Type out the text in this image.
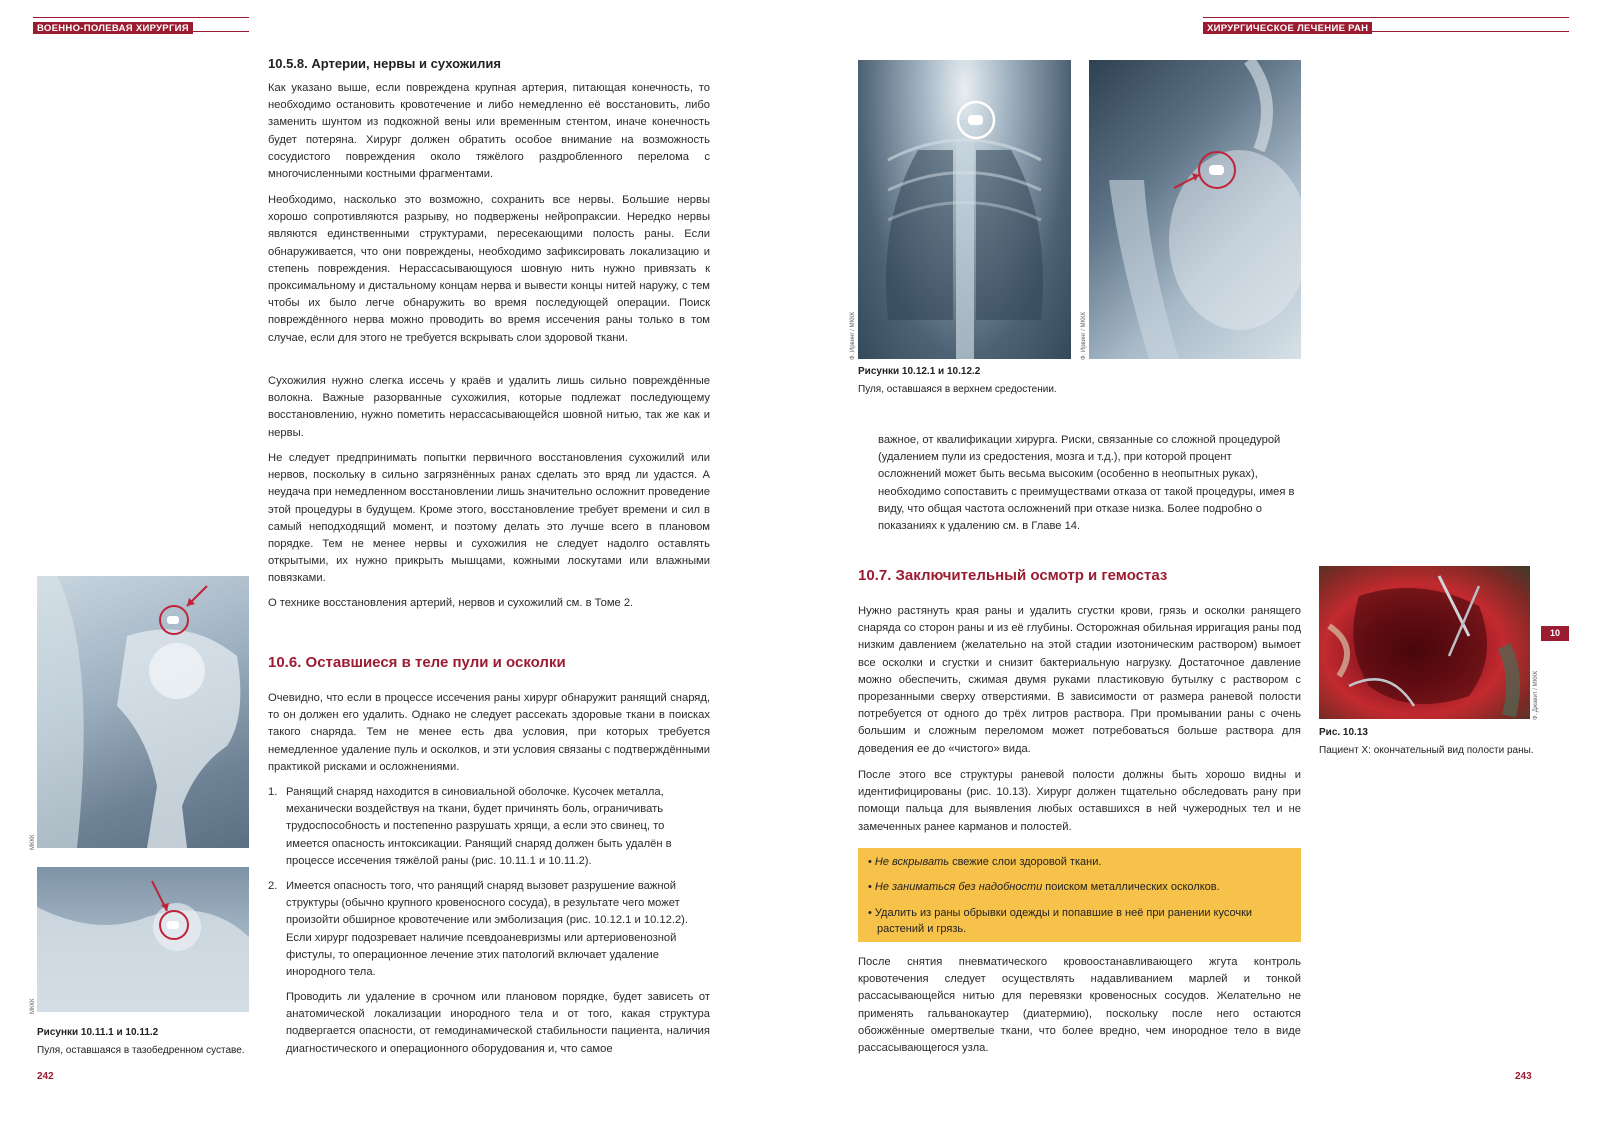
ВОЕННО-ПОЛЕВАЯ ХИРУРГИЯ	ХИРУРГИЧЕСКОЕ ЛЕЧЕНИЕ РАН
10.5.8. Артерии, нервы и сухожилия

Как указано выше, если повреждена крупная артерия, питающая конечность, то необходимо остановить кровотечение и либо немедленно её восстановить, либо заменить шунтом из подкожной вены или временным стентом, иначе конечность будет потеряна. Хирург должен обратить особое внимание на возможность сосудистого повреждения около тяжёлого раздробленного перелома с многочисленными костными фрагментами.

Необходимо, насколько это возможно, сохранить все нервы. Большие нервы хорошо сопротивляются разрыву, но подвержены нейропраксии. Нередко нервы являются единственными структурами, пересекающими полость раны. Если обнаруживается, что они повреждены, необходимо зафиксировать локализацию и степень повреждения. Нерассасывающуюся шовную нить нужно привязать к проксимальному и дистальному концам нерва и вывести концы нитей наружу, с тем чтобы их было легче обнаружить во время последующей операции. Поиск повреждённого нерва можно проводить во время иссечения раны только в том случае, если для этого не требуется вскрывать слои здоровой ткани.

Сухожилия нужно слегка иссечь у краёв и удалить лишь сильно повреждённые волокна. Важные разорванные сухожилия, которые подлежат последующему восстановлению, нужно пометить нерассасывающейся шовной нитью, так же как и нервы.

Не следует предпринимать попытки первичного восстановления сухожилий или нервов, поскольку в сильно загрязнённых ранах сделать это вряд ли удастся. А неудача при немедленном восстановлении лишь значительно осложнит проведение этой процедуры в будущем. Кроме этого, восстановление требует времени и сил в самый неподходящий момент, и поэтому делать это лучше всего в плановом порядке. Тем не менее нервы и сухожилия не следует надолго оставлять открытыми, их нужно прикрыть мышцами, кожными лоскутами или влажными повязками.

О технике восстановления артерий, нервов и сухожилий см. в Томе 2.

10.6. Оставшиеся в теле пули и осколки

Очевидно, что если в процессе иссечения раны хирург обнаружит ранящий снаряд, то он должен его удалить. Однако не следует рассекать здоровые ткани в поисках такого снаряда. Тем не менее есть два условия, при которых требуется немедленное удаление пуль и осколков, и эти условия связаны с подтверждёнными практикой рисками и осложнениями.

1. Ранящий снаряд находится в синовиальной оболочке. Кусочек металла, механически воздействуя на ткани, будет причинять боль, ограничивать трудоспособность и постепенно разрушать хрящи, а если это свинец, то имеется опасность интоксикации. Ранящий снаряд должен быть удалён в процессе иссечения тяжёлой раны (рис. 10.11.1 и 10.11.2).
2. Имеется опасность того, что ранящий снаряд вызовет разрушение важной структуры (обычно крупного кровеносного сосуда), в результате чего может произойти обширное кровотечение или эмболизация (рис. 10.12.1 и 10.12.2). Если хирург подозревает наличие псевдоаневризмы или артериовенозной фистулы, то операционное лечение этих патологий включает удаление инородного тела.

Проводить ли удаление в срочном или плановом порядке, будет зависеть от анатомической локализации инородного тела и от того, какая структура подвергается опасности, от гемодинамической стабильности пациента, наличия диагностического и операционного оборудования и, что самое

МККК
МККК
Рисунки 10.11.1 и 10.11.2
Пуля, оставшаяся в тазобедренном суставе.
242
Ф. Ирвинг / МККК	Ф. Ирвинг / МККК
Рисунки 10.12.1 и 10.12.2
Пуля, оставшаяся в верхнем средостении.

важное, от квалификации хирурга. Риски, связанные со сложной процедурой (удалением пули из средостения, мозга и т.д.), при которой процент осложнений может быть весьма высоким (особенно в неопытных руках), необходимо сопоставить с преимуществами отказа от такой процедуры, имея в виду, что общая частота осложнений при отказе низка. Более подробно о показаниях к удалению см. в Главе 14.

10.7. Заключительный осмотр и гемостаз

Нужно растянуть края раны и удалить сгустки крови, грязь и осколки ранящего снаряда со сторон раны и из её глубины. Осторожная обильная ирригация раны под низким давлением (желательно на этой стадии изотоническим раствором) вымоет все осколки и сгустки и снизит бактериальную нагрузку. Достаточное давление можно обеспечить, сжимая двумя руками пластиковую бутылку с раствором с прорезанными сверху отверстиями. В зависимости от размера раневой полости потребуется от одного до трёх литров раствора. При промывании раны с очень большим и сложным переломом может потребоваться больше раствора для доведения ее до «чистого» вида.

После этого все структуры раневой полости должны быть хорошо видны и идентифицированы (рис. 10.13). Хирург должен тщательно обследовать рану при помощи пальца для выявления любых оставшихся в ней чужеродных тел и не замеченных ранее карманов и полостей.

• Не вскрывать свежие слои здоровой ткани.
• Не заниматься без надобности поиском металлических осколков.
• Удалить из раны обрывки одежды и попавшие в неё при ранении кусочки растений и грязь.

После снятия пневматического кровоостанавливающего жгута контроль кровотечения следует осуществлять надавливанием марлей и тонкой рассасывающейся нитью для перевязки кровеносных сосудов. Желательно не применять гальванокаутер (диатермию), поскольку после него остаются обожжённые омертвелые ткани, что более вредно, чем инородное тело в виде рассасывающегося узла.

Ф. Джавит / МККК
Рис. 10.13
Пациент X: окончательный вид полости раны.
10
243
